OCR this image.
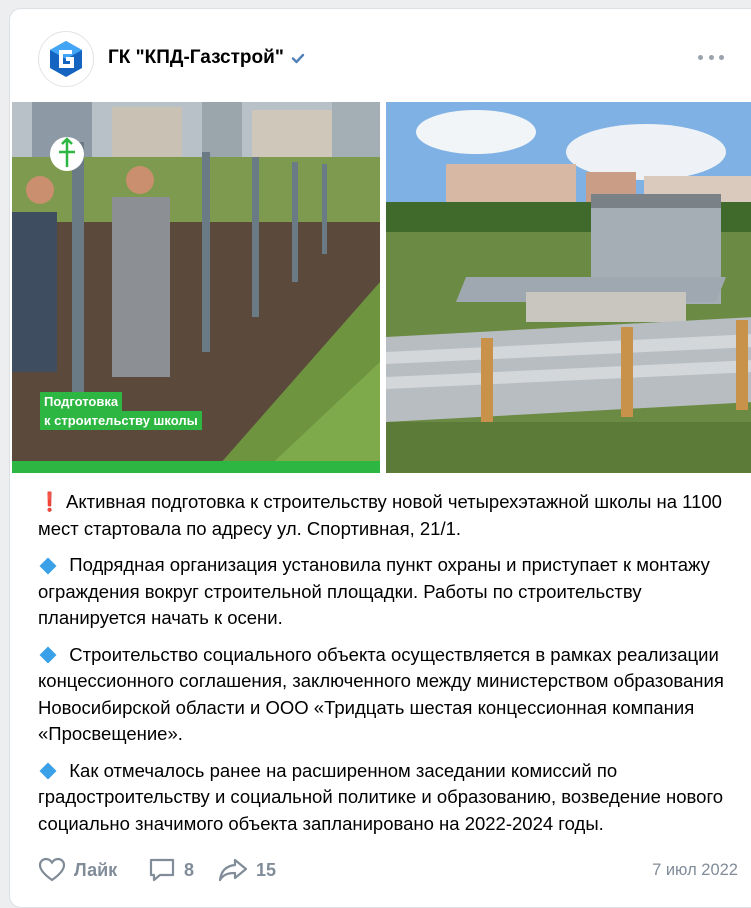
ГК "КПД-Газстрой"
Подготовка
к строительству школы

❗ Активная подготовка к строительству новой четырехэтажной школы на 1100 мест стартовала по адресу ул. Спортивная, 21/1.

Подрядная организация установила пункт охраны и приступает к монтажу ограждения вокруг строительной площадки. Работы по строительству планируется начать к осени.

Строительство социального объекта осуществляется в рамках реализации концессионного соглашения, заключенного между министерством образования Новосибирской области и ООО «Тридцать шестая концессионная компания «Просвещение».

Как отмечалось ранее на расширенном заседании комиссий по градостроительству и социальной политике и образованию, возведение нового социально значимого объекта запланировано на 2022-2024 годы.

Лайк	8	15	7 июл 2022
